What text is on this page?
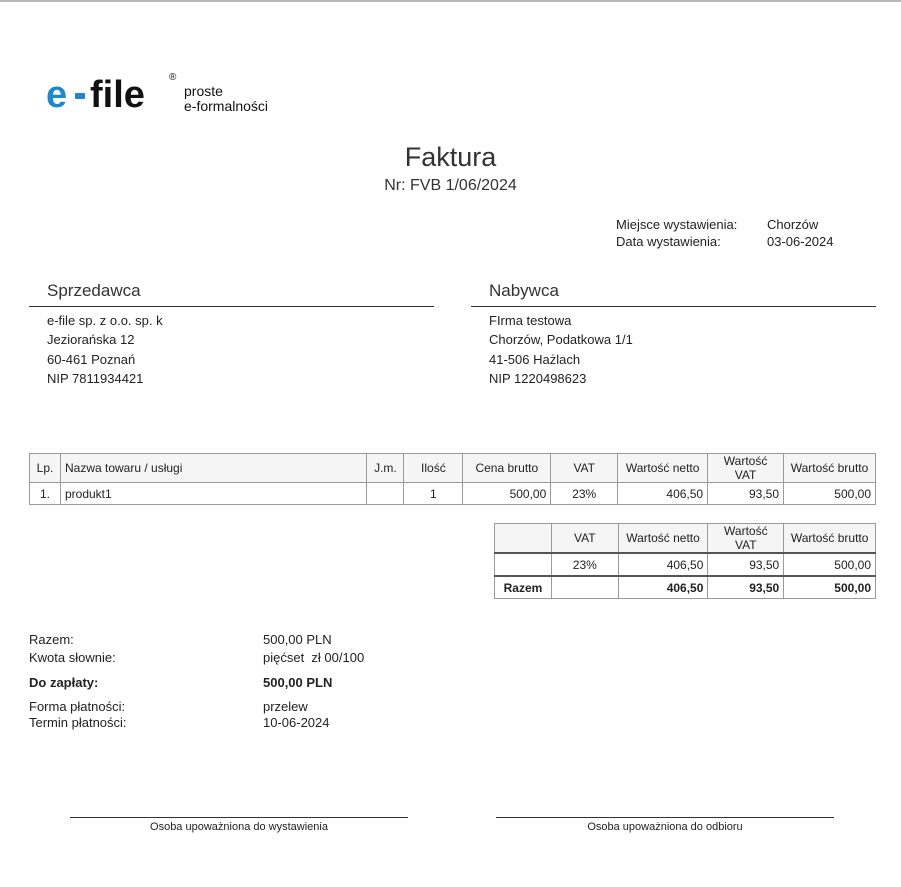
e file ®
proste
e-formalności
Faktura
Nr: FVB 1/06/2024
Miejsce wystawienia: Chorzów
Data wystawienia:	03-06-2024
Sprzedawca
e-file sp. z o.o. sp. k
Jeziorańska 12
60-461 Poznań
NIP 7811934421
Nabywca
FIrma testowa
Chorzów, Podatkowa 1/1
41-506 Hażlach
NIP 1220498623
Lp.	Nazwa towaru / usługi	J.m.	Ilość	Cena brutto	VAT	Wartość netto	Wartość VAT	Wartość brutto
1.	produkt1		1	500,00	23%	406,50	93,50	500,00
	VAT	Wartość netto	Wartość VAT	Wartość brutto
	23%	406,50	93,50	500,00
Razem		406,50	93,50	500,00
Razem:	500,00 PLN
Kwota słownie:	pięćset  zł 00/100
Do zapłaty:	500,00 PLN
Forma płatności:	przelew
Termin płatności:	10-06-2024
Osoba upoważniona do wystawienia	Osoba upoważniona do odbioru
